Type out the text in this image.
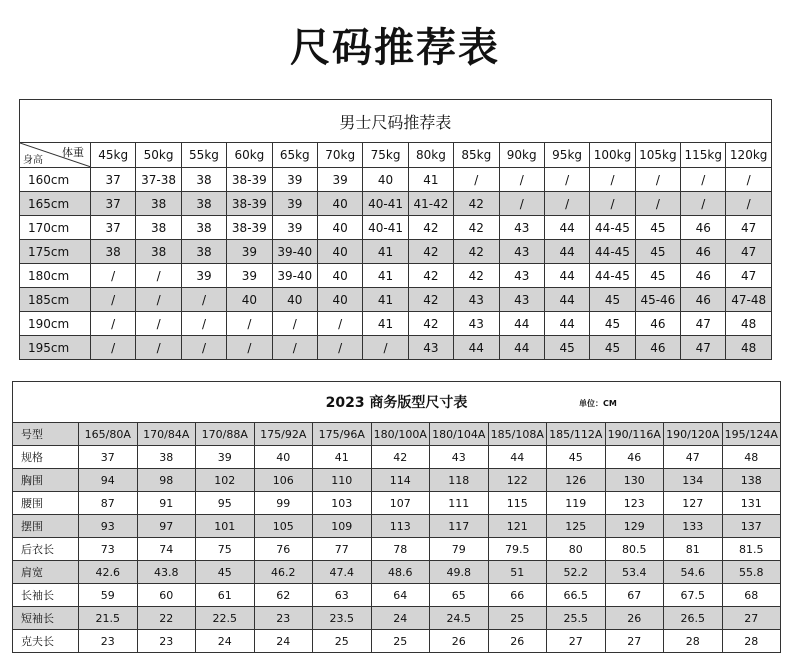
尺码推荐表
男士尺码推荐表															

体重
身高	45kg	50kg	55kg	60kg	65kg	70kg	75kg	80kg	85kg	90kg	95kg	100kg	105kg	115kg	120kg
160cm	37	37-38	38	38-39	39	39	40	41	/	/	/	/	/	/	/
165cm	37	38	38	38-39	39	40	40-41	41-42	42	/	/	/	/	/	/
170cm	37	38	38	38-39	39	40	40-41	42	42	43	44	44-45	45	46	47
175cm	38	38	38	39	39-40	40	41	42	42	43	44	44-45	45	46	47
180cm	/	/	39	39	39-40	40	41	42	42	43	44	44-45	45	46	47
185cm	/	/	/	40	40	40	41	42	43	43	44	45	45-46	46	47-48
190cm	/	/	/	/	/	/	41	42	43	44	44	45	46	47	48
195cm	/	/	/	/	/	/	/	43	44	44	45	45	46	47	48
2023 商务版型尺寸表 单位：CM												

号型	165/80A	170/84A	170/88A	175/92A	175/96A	180/100A	180/104A	185/108A	185/112A	190/116A	190/120A	195/124A
规格	37	38	39	40	41	42	43	44	45	46	47	48
胸围	94	98	102	106	110	114	118	122	126	130	134	138
腰围	87	91	95	99	103	107	111	115	119	123	127	131
摆围	93	97	101	105	109	113	117	121	125	129	133	137
后衣长	73	74	75	76	77	78	79	79.5	80	80.5	81	81.5
肩宽	42.6	43.8	45	46.2	47.4	48.6	49.8	51	52.2	53.4	54.6	55.8
长袖长	59	60	61	62	63	64	65	66	66.5	67	67.5	68
短袖长	21.5	22	22.5	23	23.5	24	24.5	25	25.5	26	26.5	27
克夫长	23	23	24	24	25	25	26	26	27	27	28	28
